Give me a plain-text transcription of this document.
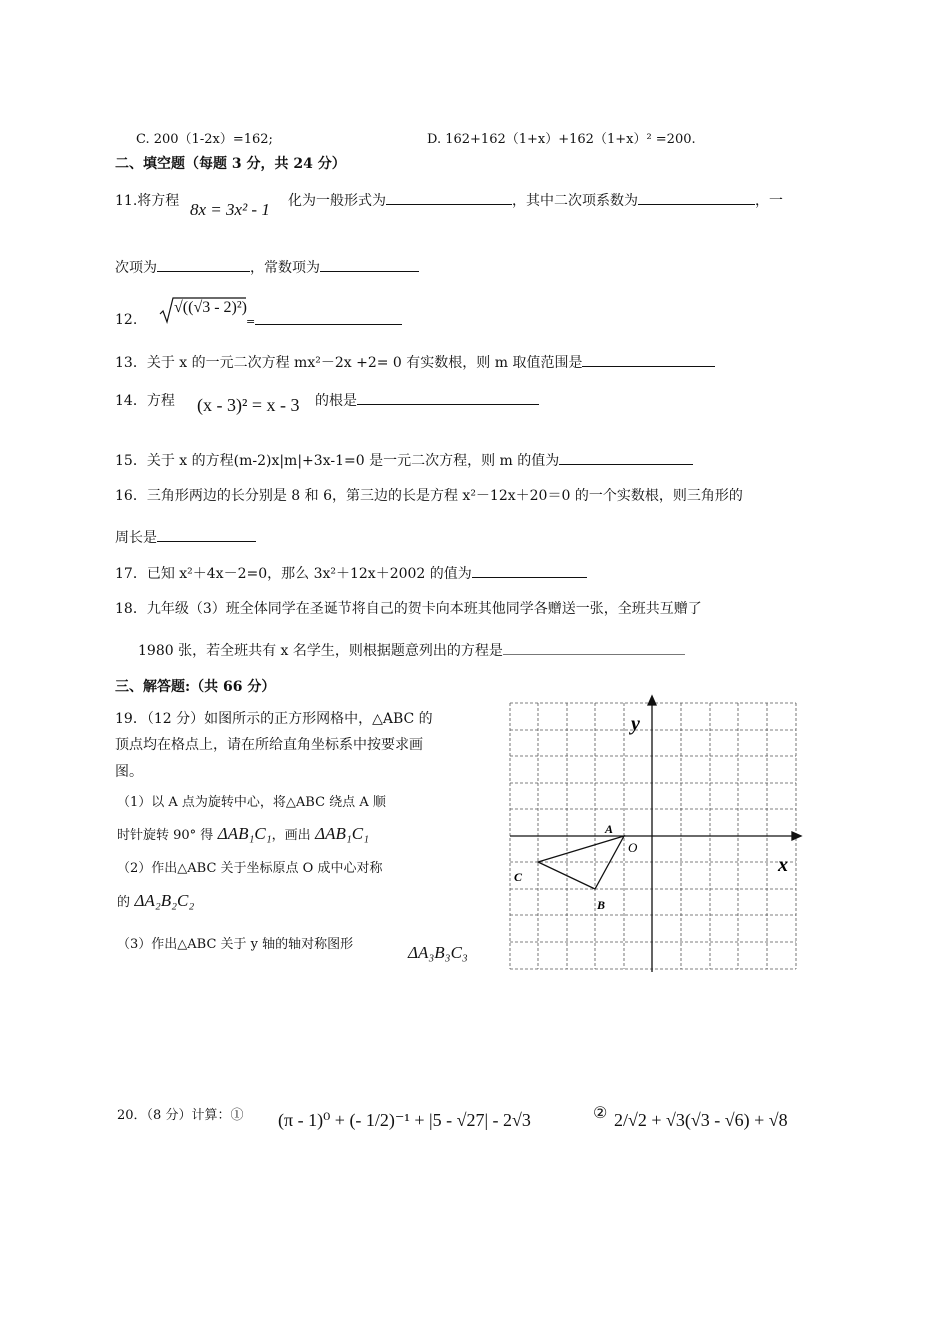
C. 200（1-2x）=162;	D. 162+162（1+x）+162（1+x）² =200.
二、填空题（每题 3 分，共 24 分）
11.将方程 8x = 3x² - 1 化为一般形式为	，其中二次项系数为	，一
次项为	，常数项为
12.
√((√3 - 2)²)
=
13．关于 x 的一元二次方程 mx²－2x +2= 0 有实数根，则 m 取值范围是
14．方程 (x - 3)² = x - 3 的根是
15．关于 x 的方程(m-2)x|m|+3x-1=0 是一元二次方程，则 m 的值为
16．三角形两边的长分别是 8 和 6，第三边的长是方程 x²－12x＋20＝0 的一个实数根，则三角形的
周长是
17．已知 x²＋4x－2=0，那么 3x²＋12x＋2002 的值为
18．九年级（3）班全体同学在圣诞节将自己的贺卡向本班其他同学各赠送一张，全班共互赠了
1980 张，若全班共有 x 名学生，则根据题意列出的方程是
三、解答题:（共 66 分）
19．（12 分）如图所示的正方形网格中，△ABC 的
顶点均在格点上，请在所给直角坐标系中按要求画
图。
（1）以 A 点为旋转中心，将△ABC 绕点 A 顺
时针旋转 90° 得 ΔAB₁C₁，画出 ΔAB₁C₁
（2）作出△ABC 关于坐标原点 O 成中心对称
的 ΔA₂B₂C₂
（3）作出△ABC 关于 y 轴的轴对称图形	ΔA₃B₃C₃
y
x
O
A
B
C
20．（8 分）计算：① (π - 1)⁰ + (- 1/2)⁻¹ + |5 - √27| - 2√3	② 2/√2 + √3(√3 - √6) + √8
